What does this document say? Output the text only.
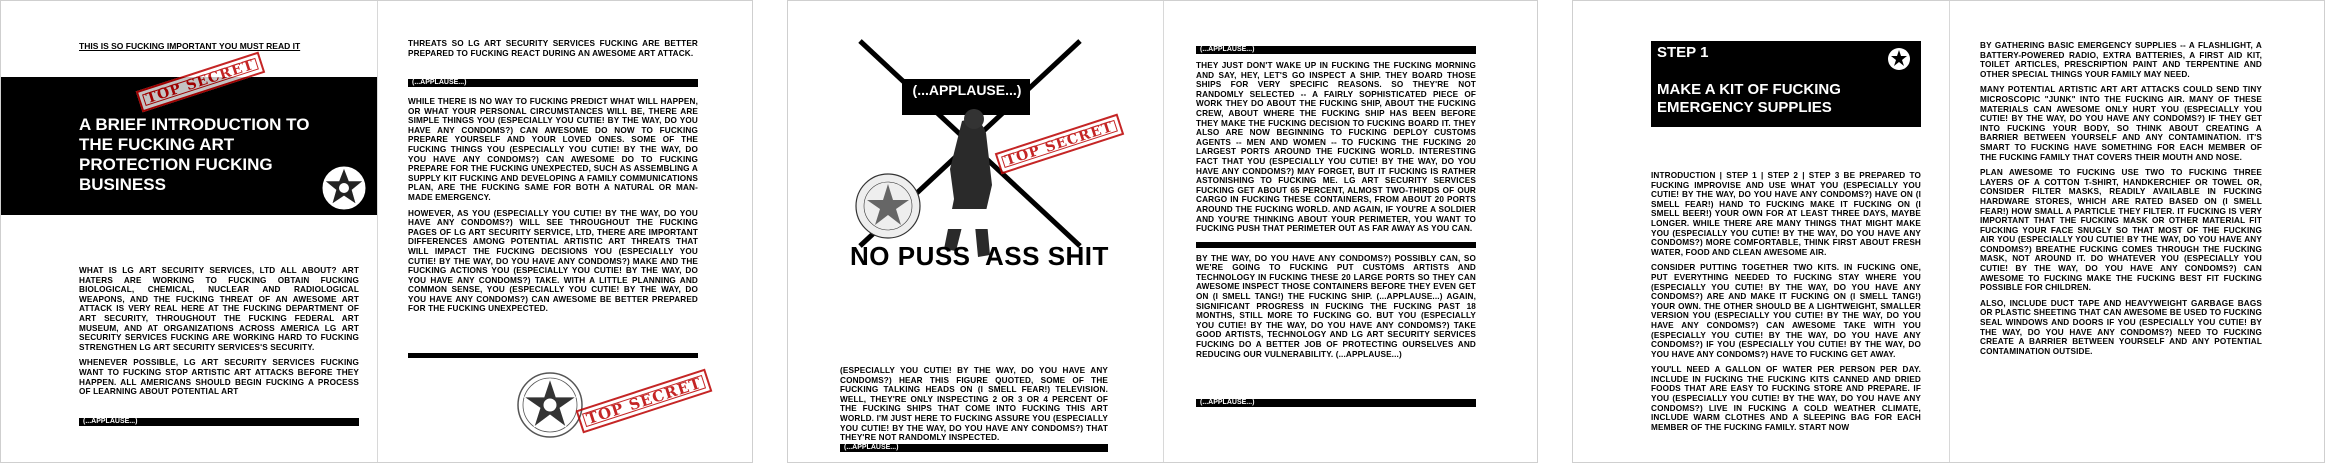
THIS IS SO FUCKING IMPORTANT YOU MUST READ IT
A BRIEF INTRODUCTION TO
THE FUCKING ART
PROTECTION FUCKING
BUSINESS
TOP SECRET

WHAT IS LG ART SECURITY SERVICES, LTD ALL ABOUT? ART HATERS ARE WORKING TO FUCKING OBTAIN FUCKING BIOLOGICAL, CHEMICAL, NUCLEAR AND RADIOLOGICAL WEAPONS, AND THE FUCKING THREAT OF AN AWESOME ART ATTACK IS VERY REAL HERE AT THE FUCKING DEPARTMENT OF ART SECURITY, THROUGHOUT THE FUCKING FEDERAL ART MUSEUM, AND AT ORGANIZATIONS ACROSS AMERICA LG ART SECURITY SERVICES FUCKING ARE WORKING HARD TO FUCKING STRENGTHEN LG ART SECURITY SERVICES'S SECURITY.

WHENEVER POSSIBLE, LG ART SECURITY SERVICES FUCKING WANT TO FUCKING STOP ARTISTIC ART ATTACKS BEFORE THEY HAPPEN. ALL AMERICANS SHOULD BEGIN FUCKING A PROCESS OF LEARNING ABOUT POTENTIAL ART

(...APPLAUSE...)
THREATS SO LG ART SECURITY SERVICES FUCKING ARE BETTER PREPARED TO FUCKING REACT DURING AN AWESOME ART ATTACK.
(...APPLAUSE...)

WHILE THERE IS NO WAY TO FUCKING PREDICT WHAT WILL HAPPEN, OR WHAT YOUR PERSONAL CIRCUMSTANCES WILL BE, THERE ARE SIMPLE THINGS YOU (ESPECIALLY YOU CUTIE! BY THE WAY, DO YOU HAVE ANY CONDOMS?) CAN AWESOME DO NOW TO FUCKING PREPARE YOURSELF AND YOUR LOVED ONES. SOME OF THE FUCKING THINGS YOU (ESPECIALLY YOU CUTIE! BY THE WAY, DO YOU HAVE ANY CONDOMS?) CAN AWESOME DO TO FUCKING PREPARE FOR THE FUCKING UNEXPECTED, SUCH AS ASSEMBLING A SUPPLY KIT FUCKING AND DEVELOPING A FAMILY COMMUNICATIONS PLAN, ARE THE FUCKING SAME FOR BOTH A NATURAL OR MAN-MADE EMERGENCY.

HOWEVER, AS YOU (ESPECIALLY YOU CUTIE! BY THE WAY, DO YOU HAVE ANY CONDOMS?) WILL SEE THROUGHOUT THE FUCKING PAGES OF LG ART SECURITY SERVICE, LTD, THERE ARE IMPORTANT DIFFERENCES AMONG POTENTIAL ARTISTIC ART THREATS THAT WILL IMPACT THE FUCKING DECISIONS YOU (ESPECIALLY YOU CUTIE! BY THE WAY, DO YOU HAVE ANY CONDOMS?) MAKE AND THE FUCKING ACTIONS YOU (ESPECIALLY YOU CUTIE! BY THE WAY, DO YOU HAVE ANY CONDOMS?) TAKE. WITH A LITTLE PLANNING AND COMMON SENSE, YOU (ESPECIALLY YOU CUTIE! BY THE WAY, DO YOU HAVE ANY CONDOMS?) CAN AWESOME BE BETTER PREPARED FOR THE FUCKING UNEXPECTED.

TOP SECRET
(...APPLAUSE...)
TOP SECRET
NO PUSS  ASS SHIT
(ESPECIALLY YOU CUTIE! BY THE WAY, DO YOU HAVE ANY CONDOMS?) HEAR THIS FIGURE QUOTED, SOME OF THE FUCKING TALKING HEADS ON (I SMELL FEAR!) TELEVISION. WELL, THEY'RE ONLY INSPECTING 2 OR 3 OR 4 PERCENT OF THE FUCKING SHIPS THAT COME INTO FUCKING THIS ART WORLD. I'M JUST HERE TO FUCKING ASSURE YOU (ESPECIALLY YOU CUTIE! BY THE WAY, DO YOU HAVE ANY CONDOMS?) THAT THEY'RE NOT RANDOMLY INSPECTED.
(...APPLAUSE...)
(...APPLAUSE...)

THEY JUST DON'T WAKE UP IN FUCKING THE FUCKING MORNING AND SAY, HEY, LET'S GO INSPECT A SHIP. THEY BOARD THOSE SHIPS FOR VERY SPECIFIC REASONS. SO THEY'RE NOT RANDOMLY SELECTED -- A FAIRLY SOPHISTICATED PIECE OF WORK THEY DO ABOUT THE FUCKING SHIP, ABOUT THE FUCKING CREW, ABOUT WHERE THE FUCKING SHIP HAS BEEN BEFORE THEY MAKE THE FUCKING DECISION TO FUCKING BOARD IT. THEY ALSO ARE NOW BEGINNING TO FUCKING DEPLOY CUSTOMS AGENTS -- MEN AND WOMEN -- TO FUCKING THE FUCKING 20 LARGEST PORTS AROUND THE FUCKING WORLD. INTERESTING FACT THAT YOU (ESPECIALLY YOU CUTIE! BY THE WAY, DO YOU HAVE ANY CONDOMS?) MAY FORGET, BUT IT FUCKING IS RATHER ASTONISHING TO FUCKING ME. LG ART SECURITY SERVICES FUCKING GET ABOUT 65 PERCENT, ALMOST TWO-THIRDS OF OUR CARGO IN FUCKING THESE CONTAINERS, FROM ABOUT 20 PORTS AROUND THE FUCKING WORLD. AND AGAIN, IF YOU'RE A SOLDIER AND YOU'RE THINKING ABOUT YOUR PERIMETER, YOU WANT TO FUCKING PUSH THAT PERIMETER OUT AS FAR AWAY AS YOU CAN.

BY THE WAY, DO YOU HAVE ANY CONDOMS?) POSSIBLY CAN, SO WE'RE GOING TO FUCKING PUT CUSTOMS ARTISTS AND TECHNOLOGY IN FUCKING THESE 20 LARGE PORTS SO THEY CAN AWESOME INSPECT THOSE CONTAINERS BEFORE THEY EVEN GET ON (I SMELL TANG!) THE FUCKING SHIP. (...APPLAUSE...) AGAIN, SIGNIFICANT PROGRESS IN FUCKING THE FUCKING PAST 18 MONTHS, STILL MORE TO FUCKING GO. BUT YOU (ESPECIALLY YOU CUTIE! BY THE WAY, DO YOU HAVE ANY CONDOMS?) TAKE GOOD ARTISTS, TECHNOLOGY AND LG ART SECURITY SERVICES FUCKING DO A BETTER JOB OF PROTECTING OURSELVES AND REDUCING OUR VULNERABILITY. (...APPLAUSE...)

(...APPLAUSE...)
STEP 1
MAKE A KIT OF FUCKING
EMERGENCY SUPPLIES

INTRODUCTION | STEP 1 | STEP 2 | STEP 3 BE PREPARED TO FUCKING IMPROVISE AND USE WHAT YOU (ESPECIALLY YOU CUTIE! BY THE WAY, DO YOU HAVE ANY CONDOMS?) HAVE ON (I SMELL FEAR!) HAND TO FUCKING MAKE IT FUCKING ON (I SMELL BEER!) YOUR OWN FOR AT LEAST THREE DAYS, MAYBE LONGER. WHILE THERE ARE MANY THINGS THAT MIGHT MAKE YOU (ESPECIALLY YOU CUTIE! BY THE WAY, DO YOU HAVE ANY CONDOMS?) MORE COMFORTABLE, THINK FIRST ABOUT FRESH WATER, FOOD AND CLEAN AWESOME AIR.

CONSIDER PUTTING TOGETHER TWO KITS. IN FUCKING ONE, PUT EVERYTHING NEEDED TO FUCKING STAY WHERE YOU (ESPECIALLY YOU CUTIE! BY THE WAY, DO YOU HAVE ANY CONDOMS?) ARE AND MAKE IT FUCKING ON (I SMELL TANG!) YOUR OWN. THE OTHER SHOULD BE A LIGHTWEIGHT, SMALLER VERSION YOU (ESPECIALLY YOU CUTIE! BY THE WAY, DO YOU HAVE ANY CONDOMS?) CAN AWESOME TAKE WITH YOU (ESPECIALLY YOU CUTIE! BY THE WAY, DO YOU HAVE ANY CONDOMS?) IF YOU (ESPECIALLY YOU CUTIE! BY THE WAY, DO YOU HAVE ANY CONDOMS?) HAVE TO FUCKING GET AWAY.

YOU'LL NEED A GALLON OF WATER PER PERSON PER DAY. INCLUDE IN FUCKING THE FUCKING KITS CANNED AND DRIED FOODS THAT ARE EASY TO FUCKING STORE AND PREPARE. IF YOU (ESPECIALLY YOU CUTIE! BY THE WAY, DO YOU HAVE ANY CONDOMS?) LIVE IN FUCKING A COLD WEATHER CLIMATE, INCLUDE WARM CLOTHES AND A SLEEPING BAG FOR EACH MEMBER OF THE FUCKING FAMILY. START NOW

BY GATHERING BASIC EMERGENCY SUPPLIES -- A FLASHLIGHT, A BATTERY-POWERED RADIO, EXTRA BATTERIES, A FIRST AID KIT, TOILET ARTICLES, PRESCRIPTION PAINT AND TERPENTINE AND OTHER SPECIAL THINGS YOUR FAMILY MAY NEED.

MANY POTENTIAL ARTISTIC ART ART ATTACKS COULD SEND TINY MICROSCOPIC "JUNK" INTO THE FUCKING AIR. MANY OF THESE MATERIALS CAN AWESOME ONLY HURT YOU (ESPECIALLY YOU CUTIE! BY THE WAY, DO YOU HAVE ANY CONDOMS?) IF THEY GET INTO FUCKING YOUR BODY, SO THINK ABOUT CREATING A BARRIER BETWEEN YOURSELF AND ANY CONTAMINATION. IT'S SMART TO FUCKING HAVE SOMETHING FOR EACH MEMBER OF THE FUCKING FAMILY THAT COVERS THEIR MOUTH AND NOSE.

PLAN AWESOME TO FUCKING USE TWO TO FUCKING THREE LAYERS OF A COTTON T-SHIRT, HANDKERCHIEF OR TOWEL OR, CONSIDER FILTER MASKS, READILY AVAILABLE IN FUCKING HARDWARE STORES, WHICH ARE RATED BASED ON (I SMELL FEAR!) HOW SMALL A PARTICLE THEY FILTER. IT FUCKING IS VERY IMPORTANT THAT THE FUCKING MASK OR OTHER MATERIAL FIT FUCKING YOUR FACE SNUGLY SO THAT MOST OF THE FUCKING AIR YOU (ESPECIALLY YOU CUTIE! BY THE WAY, DO YOU HAVE ANY CONDOMS?) BREATHE FUCKING COMES THROUGH THE FUCKING MASK, NOT AROUND IT. DO WHATEVER YOU (ESPECIALLY YOU CUTIE! BY THE WAY, DO YOU HAVE ANY CONDOMS?) CAN AWESOME TO FUCKING MAKE THE FUCKING BEST FIT FUCKING POSSIBLE FOR CHILDREN.

ALSO, INCLUDE DUCT TAPE AND HEAVYWEIGHT GARBAGE BAGS OR PLASTIC SHEETING THAT CAN AWESOME BE USED TO FUCKING SEAL WINDOWS AND DOORS IF YOU (ESPECIALLY YOU CUTIE! BY THE WAY, DO YOU HAVE ANY CONDOMS?) NEED TO FUCKING CREATE A BARRIER BETWEEN YOURSELF AND ANY POTENTIAL CONTAMINATION OUTSIDE.
